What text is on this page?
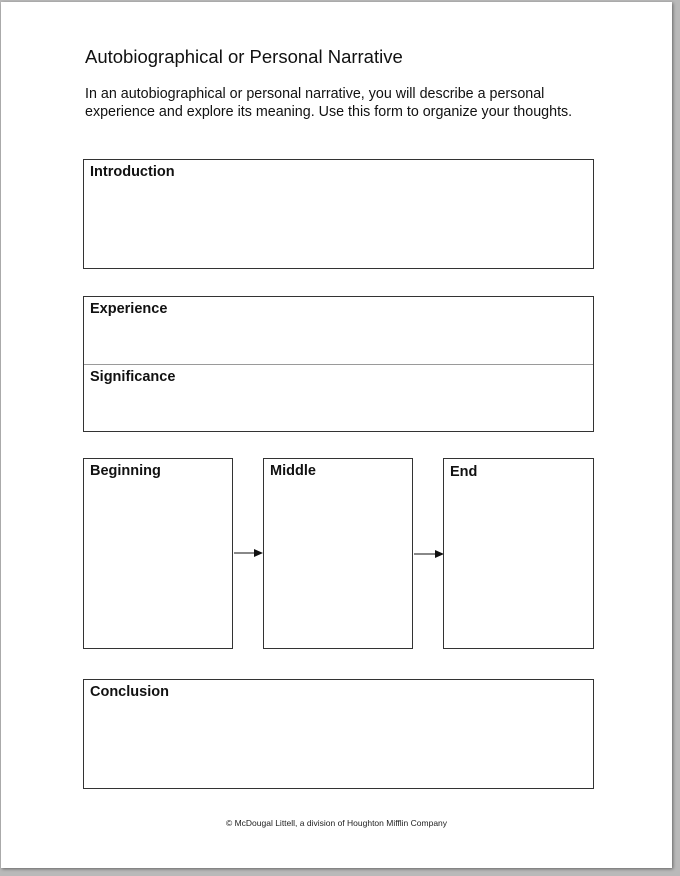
Autobiographical or Personal Narrative

In an autobiographical or personal narrative, you will describe a personal experience and explore its meaning. Use this form to organize your thoughts.

Introduction
Experience
Significance
Beginning	Middle	End
Conclusion
© McDougal Littell, a division of Houghton Mifflin Company
